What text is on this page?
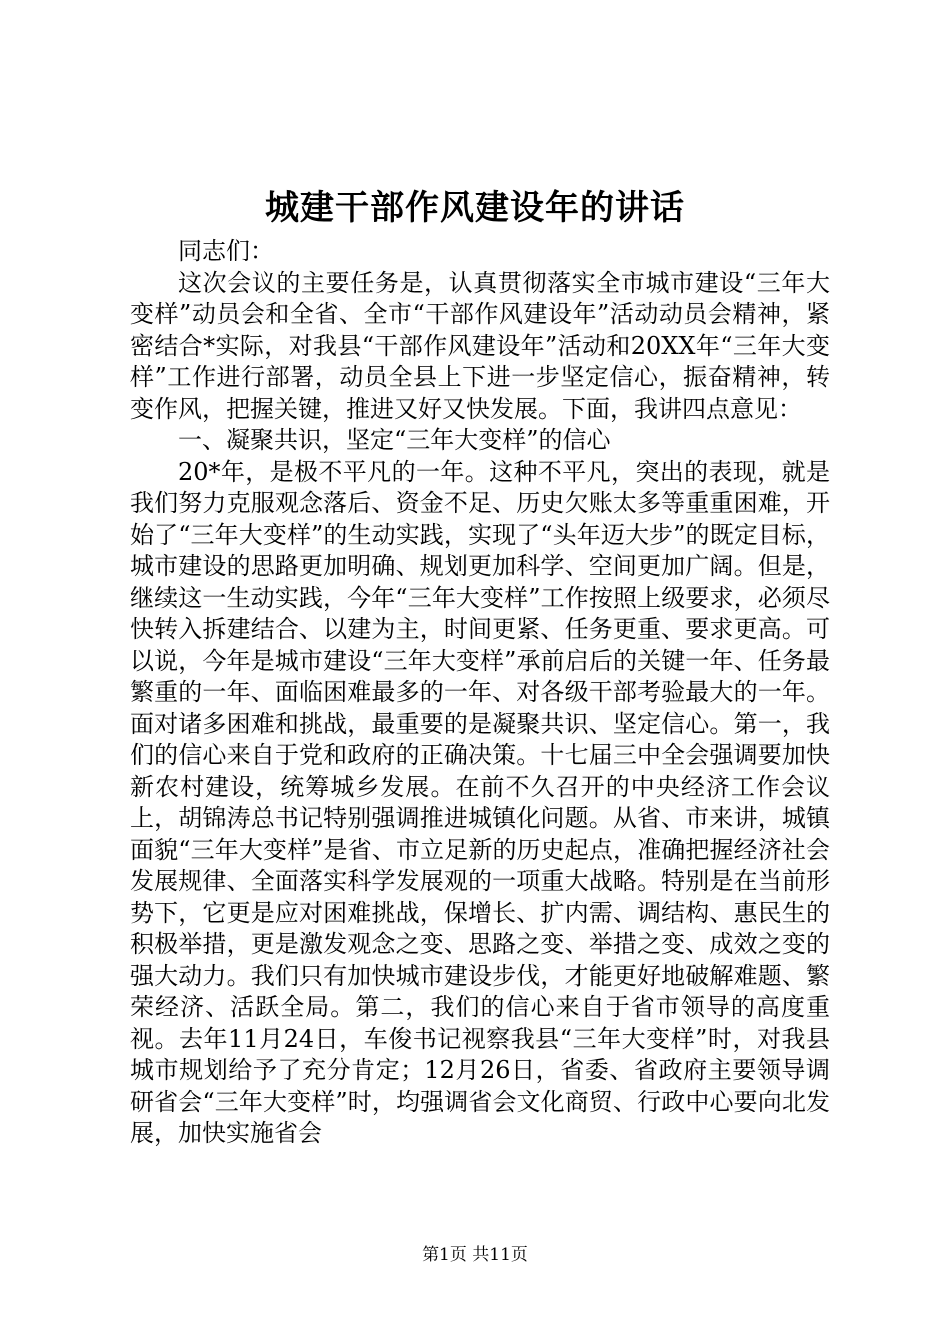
城建干部作风建设年的讲话

同志们：

这次会议的主要任务是，认真贯彻落实全市城市建设“三年大变样”动员会和全省、全市“干部作风建设年”活动动员会精神，紧密结合*实际，对我县“干部作风建设年”活动和20XX年“三年大变样”工作进行部署，动员全县上下进一步坚定信心，振奋精神，转变作风，把握关键，推进又好又快发展。下面，我讲四点意见：

一、凝聚共识，坚定“三年大变样”的信心

20*年，是极不平凡的一年。这种不平凡，突出的表现，就是我们努力克服观念落后、资金不足、历史欠账太多等重重困难，开始了“三年大变样”的生动实践，实现了“头年迈大步”的既定目标，城市建设的思路更加明确、规划更加科学、空间更加广阔。但是，继续这一生动实践，今年“三年大变样”工作按照上级要求，必须尽快转入拆建结合、以建为主，时间更紧、任务更重、要求更高。可以说，今年是城市建设“三年大变样”承前启后的关键一年、任务最繁重的一年、面临困难最多的一年、对各级干部考验最大的一年。面对诸多困难和挑战，最重要的是凝聚共识、坚定信心。第一，我们的信心来自于党和政府的正确决策。十七届三中全会强调要加快新农村建设，统筹城乡发展。在前不久召开的中央经济工作会议上，胡锦涛总书记特别强调推进城镇化问题。从省、市来讲，城镇面貌“三年大变样”是省、市立足新的历史起点，准确把握经济社会发展规律、全面落实科学发展观的一项重大战略。特别是在当前形势下，它更是应对困难挑战，保增长、扩内需、调结构、惠民生的积极举措，更是激发观念之变、思路之变、举措之变、成效之变的强大动力。我们只有加快城市建设步伐，才能更好地破解难题、繁荣经济、活跃全局。第二，我们的信心来自于省市领导的高度重视。去年11月24日，车俊书记视察我县“三年大变样”时，对我县城市规划给予了充分肯定；12月26日，省委、省政府主要领导调研省会“三年大变样”时，均强调省会文化商贸、行政中心要向北发展，加快实施省会

第1页 共11页
